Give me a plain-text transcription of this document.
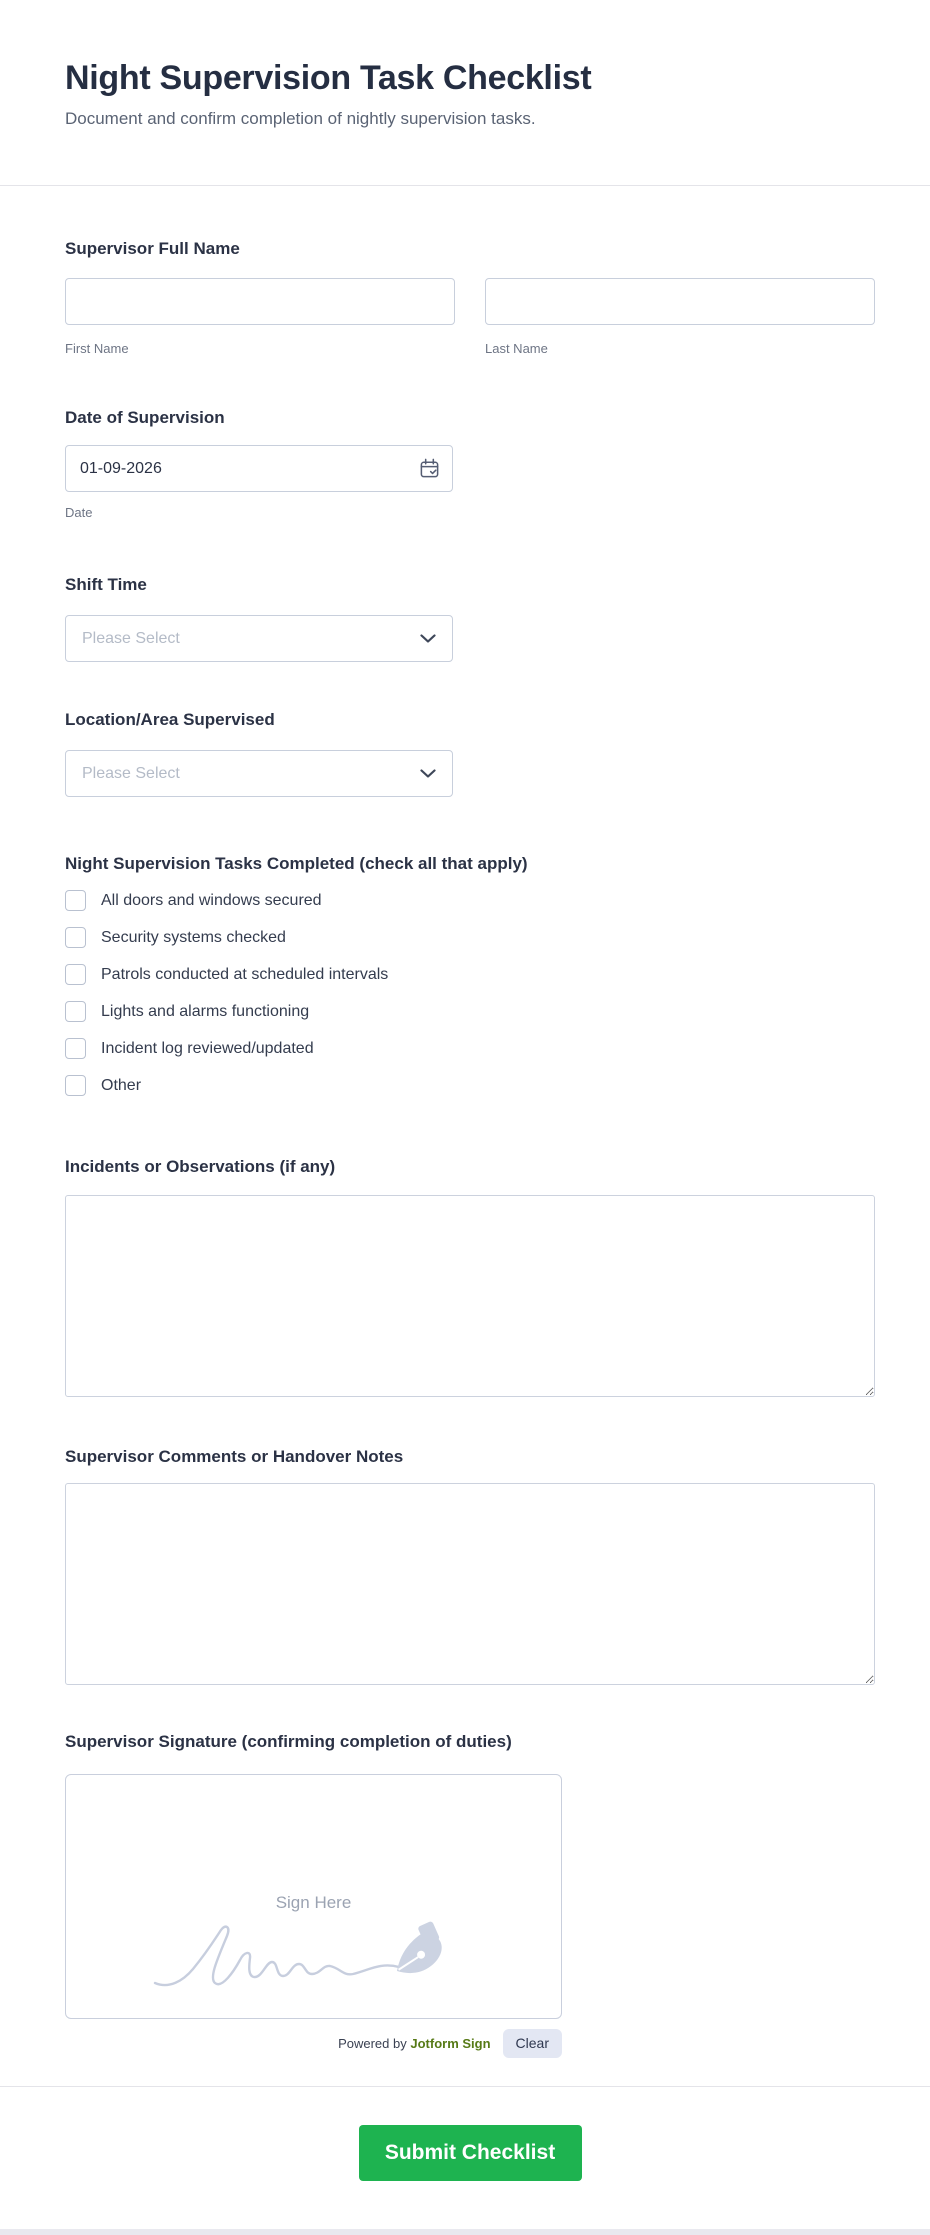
Night Supervision Task Checklist
Document and confirm completion of nightly supervision tasks.
Supervisor Full Name
First Name	Last Name
Date of Supervision
01-09-2026
Date
Shift Time
Please Select
Location/Area Supervised
Please Select
Night Supervision Tasks Completed (check all that apply)
All doors and windows secured
Security systems checked
Patrols conducted at scheduled intervals
Lights and alarms functioning
Incident log reviewed/updated
Other
Incidents or Observations (if any)
Supervisor Comments or Handover Notes
Supervisor Signature (confirming completion of duties)
Sign Here
Powered by Jotform Sign	Clear
Submit Checklist
